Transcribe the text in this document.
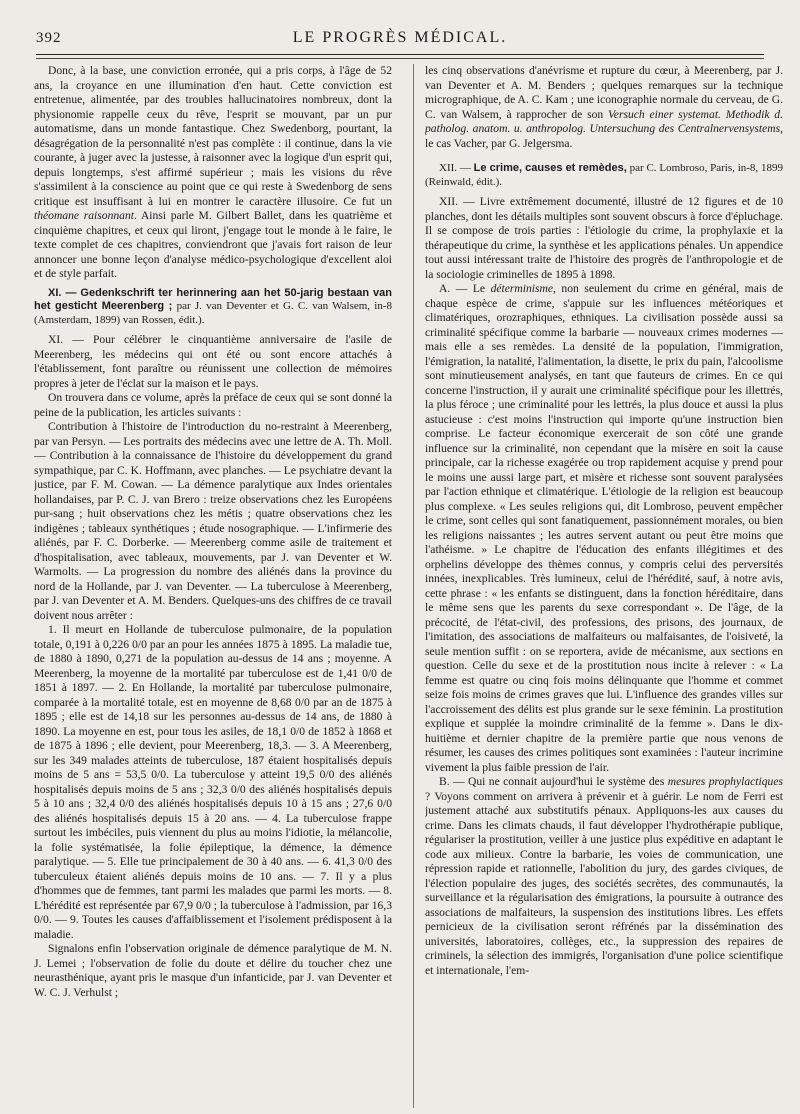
392	LE PROGRÈS MÉDICAL.

Donc, à la base, une conviction erronée, qui a pris corps, à l'âge de 52 ans, la croyance en une illumination d'en haut. Cette conviction est entretenue, alimentée, par des troubles hallucinatoires nombreux, dont la physionomie rappelle ceux du rêve, l'esprit se mouvant, par un pur automatisme, dans un monde fantastique. Chez Swedenborg, pourtant, la désagrégation de la personnalité n'est pas complète : il continue, dans la vie courante, à juger avec la justesse, à raisonner avec la logique d'un esprit qui, depuis longtemps, s'est affirmé supérieur ; mais les visions du rêve s'assimilent à la conscience au point que ce qui reste à Swedenborg de sens critique est insuffisant à lui en montrer le caractère illusoire. Ce fut un théomane raisonnant. Ainsi parle M. Gilbert Ballet, dans les quatrième et cinquième chapitres, et ceux qui liront, j'engage tout le monde à le faire, le texte complet de ces chapitres, conviendront que j'avais fort raison de leur annoncer une bonne leçon d'analyse médico-psychologique d'excellent aloi et de style parfait.

XI. — Gedenkschrift ter herinnering aan het 50-jarig bestaan van het gesticht Meerenberg ; par J. van Deventer et G. C. van Walsem, in-8 (Amsterdam, 1899) van Rossen, édit.).

XI. — Pour célébrer le cinquantième anniversaire de l'asile de Meerenberg, les médecins qui ont été ou sont encore attachés à l'établissement, font paraître ou réunissent une collection de mémoires propres à jeter de l'éclat sur la maison et le pays.

On trouvera dans ce volume, après la préface de ceux qui se sont donné la peine de la publication, les articles suivants :

Contribution à l'histoire de l'introduction du no-restraint à Meerenberg, par van Persyn. — Les portraits des médecins avec une lettre de A. Th. Moll. — Contribution à la connaissance de l'histoire du développement du grand sympathique, par C. K. Hoffmann, avec planches. — Le psychiatre devant la justice, par F. M. Cowan. — La démence paralytique aux Indes orientales hollandaises, par P. C. J. van Brero : treize observations chez les Européens pur-sang ; huit observations chez les métis ; quatre observations chez les indigènes ; tableaux synthétiques ; étude nosographique. — L'infirmerie des aliénés, par F. C. Dorberke. — Meerenberg comme asile de traitement et d'hospitalisation, avec tableaux, mouvements, par J. van Deventer et W. Warmolts. — La progression du nombre des aliénés dans la province du nord de la Hollande, par J. van Deventer. — La tuberculose à Meerenberg, par J. van Deventer et A. M. Benders. Quelques-uns des chiffres de ce travail doivent nous arrêter :

1. Il meurt en Hollande de tuberculose pulmonaire, de la population totale, 0,191 à 0,226 0/0 par an pour les années 1875 à 1895. La maladie tue, de 1880 à 1890, 0,271 de la population au-dessus de 14 ans ; moyenne. A Meerenberg, la moyenne de la mortalité par tuberculose est de 1,41 0/0 de 1851 à 1897. — 2. En Hollande, la mortalité par tuberculose pulmonaire, comparée à la mortalité totale, est en moyenne de 8,68 0/0 par an de 1875 à 1895 ; elle est de 14,18 sur les personnes au-dessus de 14 ans, de 1880 à 1890. La moyenne en est, pour tous les asiles, de 18,1 0/0 de 1852 à 1868 et de 1875 à 1896 ; elle devient, pour Meerenberg, 18,3. — 3. A Meerenberg, sur les 349 malades atteints de tuberculose, 187 étaient hospitalisés depuis moins de 5 ans = 53,5 0/0. La tuberculose y atteint 19,5 0/0 des aliénés hospitalisés depuis moins de 5 ans ; 32,3 0/0 des aliénés hospitalisés depuis 5 à 10 ans ; 32,4 0/0 des aliénés hospitalisés depuis 10 à 15 ans ; 27,6 0/0 des aliénés hospitalisés depuis 15 à 20 ans. — 4. La tuberculose frappe surtout les imbéciles, puis viennent du plus au moins l'idiotie, la mélancolie, la folie systématisée, la folie épileptique, la démence, la démence paralytique. — 5. Elle tue principalement de 30 à 40 ans. — 6. 41,3 0/0 des tuberculeux étaient aliénés depuis moins de 10 ans. — 7. Il y a plus d'hommes que de femmes, tant parmi les malades que parmi les morts. — 8. L'hérédité est représentée par 67,9 0/0 ; la tuberculose à l'admission, par 16,3 0/0. — 9. Toutes les causes d'affaiblissement et l'isolement prédisposent à la maladie.

Signalons enfin l'observation originale de démence paralytique de M. N. J. Lemei ; l'observation de folie du doute et délire du toucher chez une neurasthénique, ayant pris le masque d'un infanticide, par J. van Deventer et W. C. J. Verhulst ;

les cinq observations d'anévrisme et rupture du cœur, à Meerenberg, par J. van Deventer et A. M. Benders ; quelques remarques sur la technique micrographique, de A. C. Kam ; une iconographie normale du cerveau, de G. C. van Walsem, à rapprocher de son Versuch einer systemat. Methodik d. patholog. anatom. u. anthropolog. Untersuchung des Centralnervensystems, le cas Vacher, par G. Jelgersma.

XII. — Le crime, causes et remèdes, par C. Lombroso, Paris, in-8, 1899 (Reinwald, édit.).

XII. — Livre extrêmement documenté, illustré de 12 figures et de 10 planches, dont les détails multiples sont souvent obscurs à force d'épluchage. Il se compose de trois parties : l'étiologie du crime, la prophylaxie et la thérapeutique du crime, la synthèse et les applications pénales. Un appendice tout aussi intéressant traite de l'histoire des progrès de l'anthropologie et de la sociologie criminelles de 1895 à 1898.

A. — Le déterminisme, non seulement du crime en général, mais de chaque espèce de crime, s'appuie sur les influences météoriques et climatériques, orozraphiques, ethniques. La civilisation possède aussi sa criminalité spécifique comme la barbarie — nouveaux crimes modernes — mais elle a ses remèdes. La densité de la population, l'immigration, l'émigration, la natalité, l'alimentation, la disette, le prix du pain, l'alcoolisme sont minutieusement analysés, en tant que fauteurs de crimes. En ce qui concerne l'instruction, il y aurait une criminalité spécifique pour les illettrés, la plus féroce ; une criminalité pour les lettrés, la plus douce et aussi la plus astucieuse : c'est moins l'instruction qui importe qu'une instruction bien comprise. Le facteur économique exercerait de son côté une grande influence sur la criminalité, non cependant que la misère en soit la cause principale, car la richesse exagérée ou trop rapidement acquise y prend pour le moins une aussi large part, et misère et richesse sont souvent paralysées par l'action ethnique et climatérique. L'étiologie de la religion est beaucoup plus complexe. « Les seules religions qui, dit Lombroso, peuvent empêcher le crime, sont celles qui sont fanatiquement, passionnément morales, ou bien les religions naissantes ; les autres servent autant ou peut être moins que l'athéisme. » Le chapitre de l'éducation des enfants illégitimes et des orphelins développe des thèmes connus, y compris celui des perversités innées, inexplicables. Très lumineux, celui de l'hérédité, sauf, à notre avis, cette phrase : « les enfants se distinguent, dans la fonction héréditaire, dans le même sens que les parents du sexe correspondant ». De l'âge, de la précocité, de l'état-civil, des professions, des prisons, des journaux, de l'imitation, des associations de malfaiteurs ou malfaisantes, de l'oisiveté, la seule mention suffit : on se reportera, avide de mécanisme, aux sections en question. Celle du sexe et de la prostitution nous incite à relever : « La femme est quatre ou cinq fois moins délinquante que l'homme et commet seize fois moins de crimes graves que lui. L'influence des grandes villes sur l'accroissement des délits est plus grande sur le sexe féminin. La prostitution explique et supplée la moindre criminalité de la femme ». Dans le dix-huitième et dernier chapitre de la première partie que nous venons de résumer, les causes des crimes politiques sont examinées : l'auteur incrimine vivement la plus faible pression de l'air.

B. — Qui ne connait aujourd'hui le système des mesures prophylactiques ? Voyons comment on arrivera à prévenir et à guérir. Le nom de Ferri est justement attaché aux substitutifs pénaux. Appliquons-les aux causes du crime. Dans les climats chauds, il faut développer l'hydrothérapie publique, régulariser la prostitution, veiller à une justice plus expéditive en adaptant le code aux milieux. Contre la barbarie, les voies de communication, une répression rapide et rationnelle, l'abolition du jury, des gardes civiques, de l'élection populaire des juges, des sociétés secrètes, des communautés, la surveillance et la régularisation des émigrations, la poursuite à outrance des associations de malfaiteurs, la suspension des institutions libres. Les effets pernicieux de la civilisation seront réfrénés par la dissémination des universités, laboratoires, collèges, etc., la suppression des repaires de criminels, la sélection des immigrés, l'organisation d'une police scientifique et internationale, l'em-
